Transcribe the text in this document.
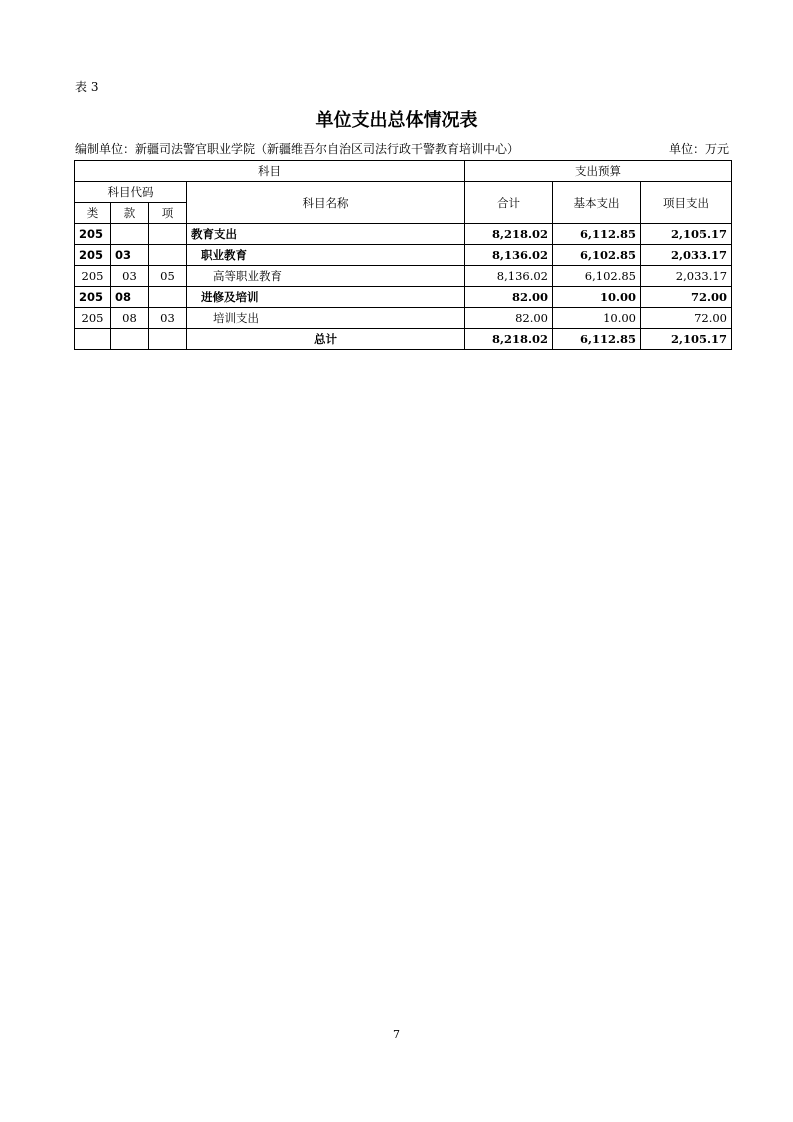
表 3
单位支出总体情况表
编制单位：新疆司法警官职业学院（新疆维吾尔自治区司法行政干警教育培训中心）	单位：万元
科目				支出预算		
科目代码			科目名称	合计	基本支出	项目支出
类	款	项				
205			教育支出	8,218.02	6,112.85	2,105.17
205	03		职业教育	8,136.02	6,102.85	2,033.17
205	03	05	高等职业教育	8,136.02	6,102.85	2,033.17
205	08		进修及培训	82.00	10.00	72.00
205	08	03	培训支出	82.00	10.00	72.00
			总计	8,218.02	6,112.85	2,105.17
7
